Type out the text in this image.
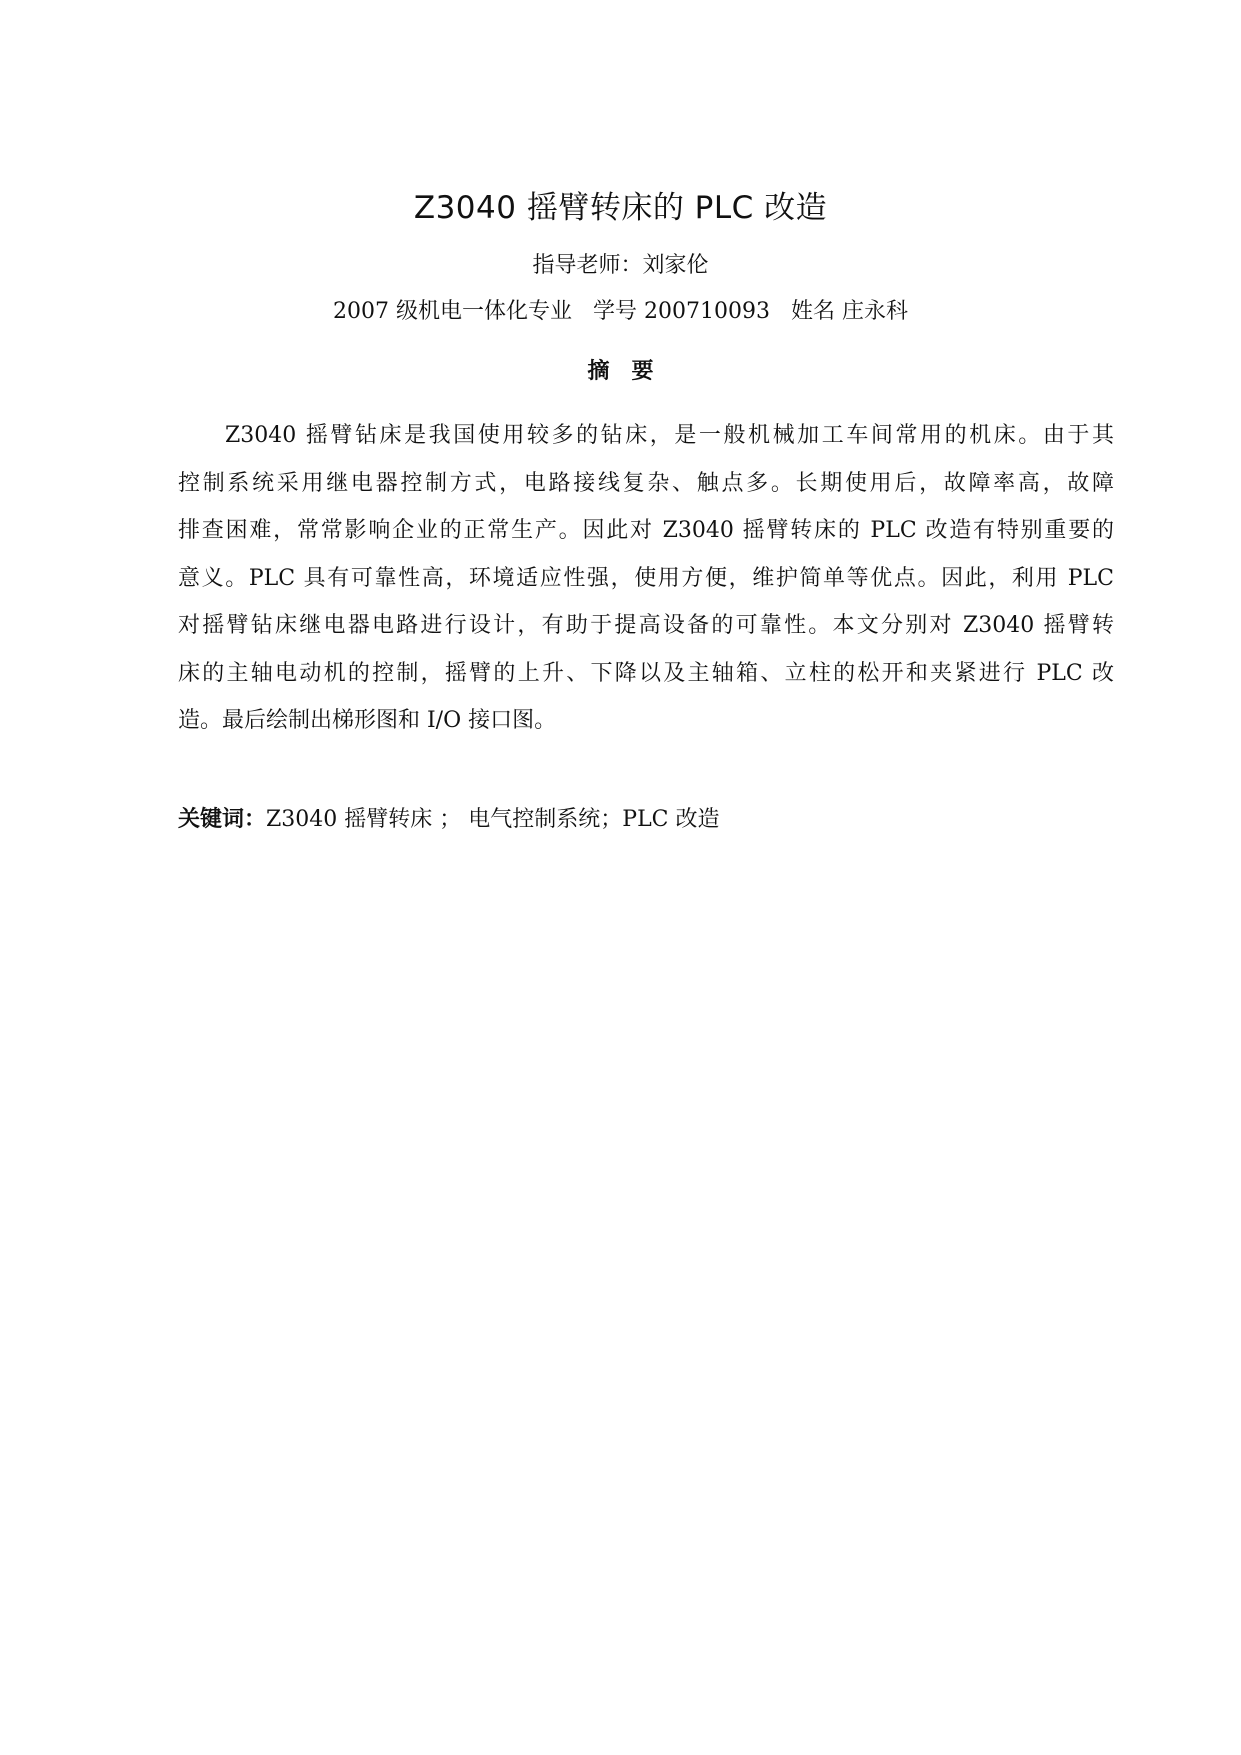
Z3040 摇臂转床的 PLC 改造
指导老师：刘家伦
2007 级机电一体化专业   学号 200710093   姓名 庄永科
摘要
Z3040 摇臂钻床是我国使用较多的钻床，是一般机械加工车间常用的机床。由于其
控制系统采用继电器控制方式，电路接线复杂、触点多。长期使用后，故障率高，故障
排查困难，常常影响企业的正常生产。因此对 Z3040 摇臂转床的 PLC 改造有特别重要的
意义。PLC 具有可靠性高，环境适应性强，使用方便，维护简单等优点。因此，利用 PLC
对摇臂钻床继电器电路进行设计，有助于提高设备的可靠性。本文分别对 Z3040 摇臂转
床的主轴电动机的控制，摇臂的上升、下降以及主轴箱、立柱的松开和夹紧进行 PLC 改
造。最后绘制出梯形图和 I/O 接口图。
关键词：Z3040 摇臂转床 ； 电气控制系统；PLC 改造
